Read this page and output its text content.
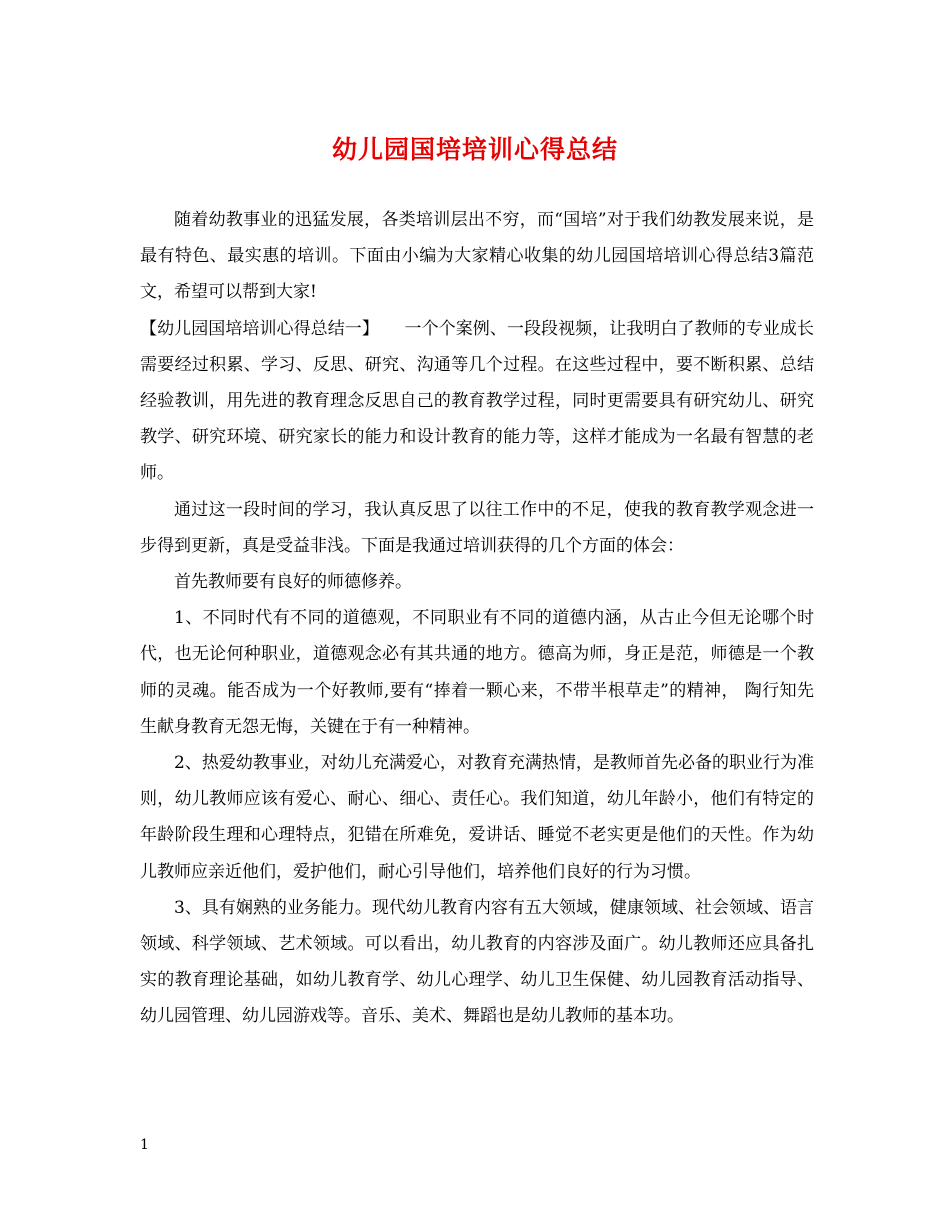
幼儿园国培培训心得总结

随着幼教事业的迅猛发展，各类培训层出不穷，而“国培”对于我们幼教发展来说，是最有特色、最实惠的培训。下面由小编为大家精心收集的幼儿园国培培训心得总结3篇范文，希望可以帮到大家!

【幼儿园国培培训心得总结一】　　一个个案例、一段段视频，让我明白了教师的专业成长需要经过积累、学习、反思、研究、沟通等几个过程。在这些过程中，要不断积累、总结经验教训，用先进的教育理念反思自己的教育教学过程，同时更需要具有研究幼儿、研究教学、研究环境、研究家长的能力和设计教育的能力等，这样才能成为一名最有智慧的老师。

通过这一段时间的学习，我认真反思了以往工作中的不足，使我的教育教学观念进一步得到更新，真是受益非浅。下面是我通过培训获得的几个方面的体会：

首先教师要有良好的师德修养。

1、不同时代有不同的道德观，不同职业有不同的道德内涵，从古止今但无论哪个时代，也无论何种职业，道德观念必有其共通的地方。德高为师，身正是范，师德是一个教师的灵魂。能否成为一个好教师,要有“捧着一颗心来，不带半根草走”的精神， 陶行知先生献身教育无怨无悔，关键在于有一种精神。

2、热爱幼教事业，对幼儿充满爱心，对教育充满热情，是教师首先必备的职业行为准则，幼儿教师应该有爱心、耐心、细心、责任心。我们知道，幼儿年龄小，他们有特定的年龄阶段生理和心理特点，犯错在所难免，爱讲话、睡觉不老实更是他们的天性。作为幼儿教师应亲近他们，爱护他们，耐心引导他们，培养他们良好的行为习惯。

3、具有娴熟的业务能力。现代幼儿教育内容有五大领域，健康领域、社会领域、语言领域、科学领域、艺术领域。可以看出，幼儿教育的内容涉及面广。幼儿教师还应具备扎实的教育理论基础，如幼儿教育学、幼儿心理学、幼儿卫生保健、幼儿园教育活动指导、幼儿园管理、幼儿园游戏等。音乐、美术、舞蹈也是幼儿教师的基本功。

1
